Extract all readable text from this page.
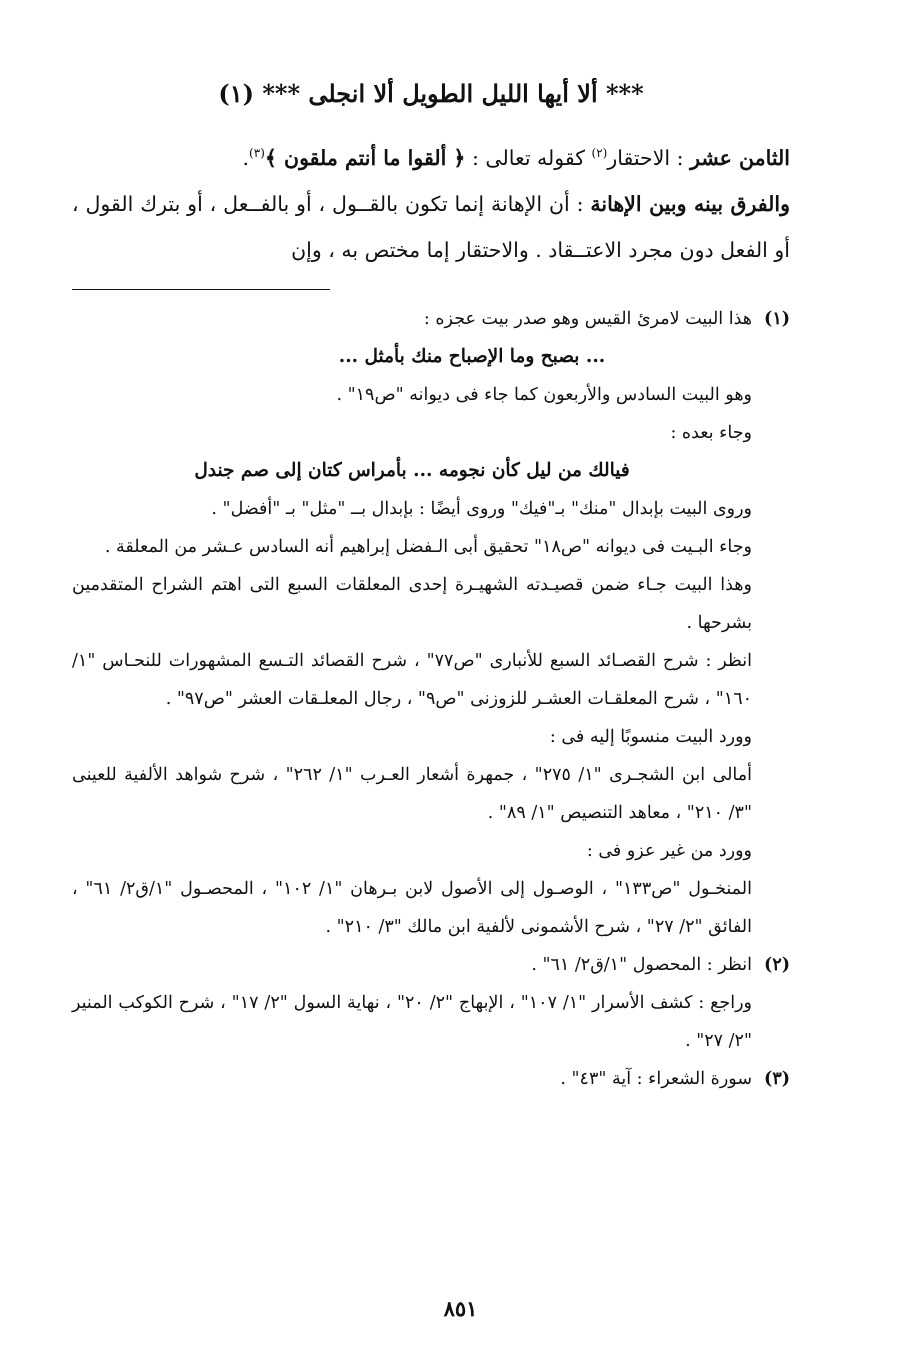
*** ألا أيها الليل الطويل ألا انجلى *** (١)

الثامن عشر : الاحتقار$^{(٢)}$ كقوله تعالى : ﴿ ألقوا ما أنتم ملقون ﴾$^{(٣)}$.

والفرق بينه وبين الإهانة : أن الإهانة إنما تكون بالقــول ، أو بالفــعل ، أو بترك القول ، أو الفعل دون مجرد الاعتــقاد . والاحتقار إما مختص به ، وإن

(١)

هذا البيت لامرئ القيس وهو صدر بيت عجزه :

... بصبح وما الإصباح منك بأمثل ...

وهو البيت السادس والأربعون كما جاء فى ديوانه "ص١٩" .

وجاء بعده :

فيالك من ليل كأن نجومه ... بأمراس كتان إلى صم جندل

وروى البيت بإبدال "منك" بـ"فيك" وروى أيضًا : بإبدال بــ "مثل" بـ "أفضل" .

وجاء البـيت فى ديوانه "ص١٨" تحقيق أبى الـفضل إبراهيم أنه السادس عـشر من المعلقة .

وهذا البيت جـاء ضمن قصيـدته الشهيـرة إحدى المعلقات السبع التى اهتم الشراح المتقدمين بشرحها .

انظر : شرح القصـائد السبع للأنبارى "ص٧٧" ، شرح القصائد التـسع المشهورات للنحـاس "١/ ١٦٠" ، شرح المعلقـات العشـر للزوزنى "ص٩" ، رجال المعلـقات العشر "ص٩٧" .

وورد البيت منسوبًا إليه فى :

أمالى ابن الشجـرى "١/ ٢٧٥" ، جمهرة أشعار العـرب "١/ ٢٦٢" ، شرح شواهد الألفية للعينى "٣/ ٢١٠" ، معاهد التنصيص "١/ ٨٩" .

وورد من غير عزو فى :

المنخـول "ص١٣٣" ، الوصـول إلى الأصول لابن بـرهان "١/ ١٠٢" ، المحصـول "١/ق٢/ ٦١" ، الفائق "٢/ ٢٧" ، شرح الأشمونى لألفية ابن مالك "٣/ ٢١٠" .

(٢)

انظر : المحصول "١/ق٢/ ٦١" .

وراجع : كشف الأسرار "١/ ١٠٧" ، الإبهاج "٢/ ٢٠" ، نهاية السول "٢/ ١٧" ، شرح الكوكب المنير "٢/ ٢٧" .

(٣)

سورة الشعراء : آية "٤٣" .

٨٥١
